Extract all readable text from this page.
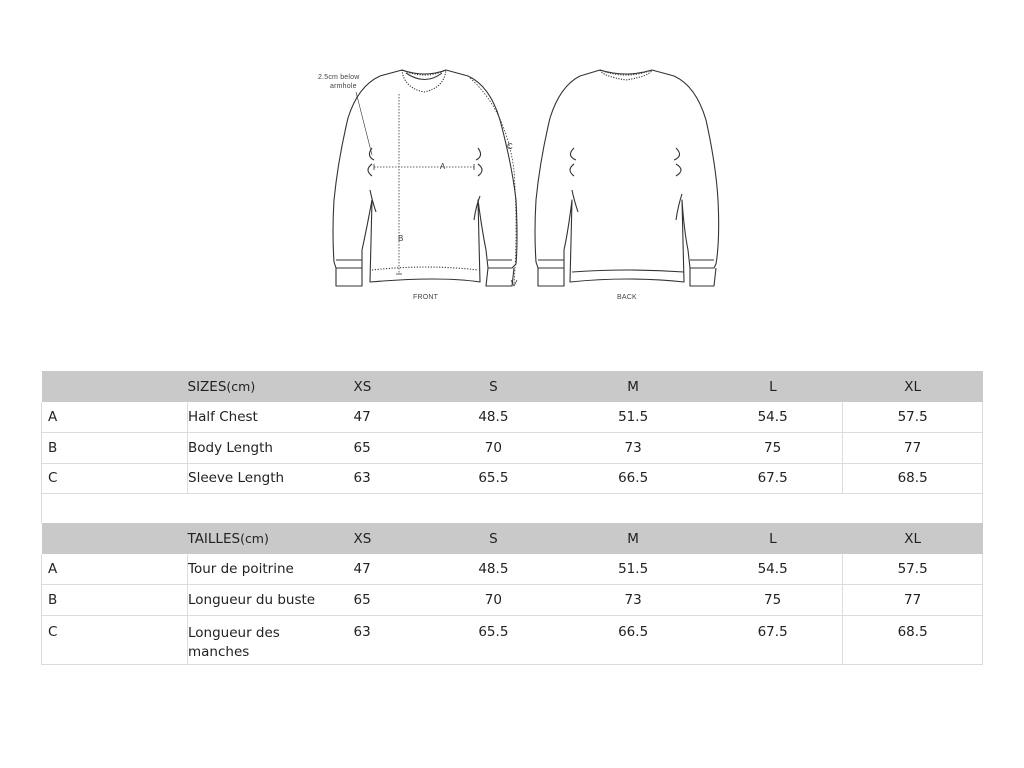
2.5cm below
armhole
A
B
C
FRONT	BACK
	SIZES(cm)	XS	S	M	L	XL
A	Half Chest	47	48.5	51.5	54.5	57.5
B	Body Length	65	70	73	75	77
C	Sleeve Length	63	65.5	66.5	67.5	68.5
	TAILLES(cm)	XS	S	M	L	XL
A	Tour de poitrine	47	48.5	51.5	54.5	57.5
B	Longueur du buste	65	70	73	75	77
C	Longueur des manches	63	65.5	66.5	67.5	68.5
